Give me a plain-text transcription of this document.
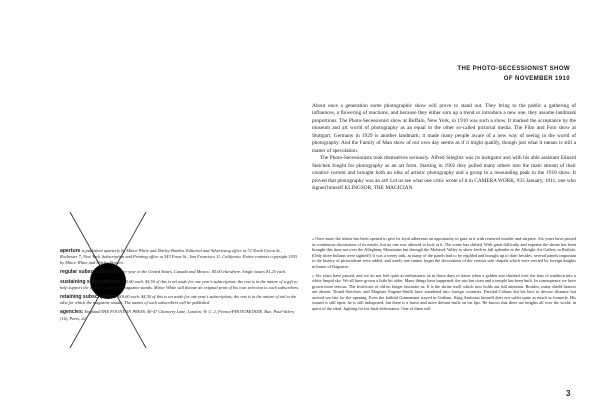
aperture is published quarterly by Minor White and Shirley Burden. Editorial and Advertising office at 72 North Union St., Rochester 7, New York. Subscription and Printing office at 343 Front St., San Francisco 11. California. Entire contents copyright 1955 by Minor White and Shirley Burden.

regular subscription $4.50 per year in the United States, Canada and Mexico. $5.00 elsewhere. Single issues $1.25 each.

sustaining subscriptions $25.00 each. $4.50 of this is set aside for one year's subscription; the rest is in the nature of a gift to help support the idea for which the magazine stands. Minor White will donate an original print of his own selection to such subscribers.

retaining subscriptions $10.00 each. $4.50 of this is set aside for one year's subscription; the rest is in the nature of aid to the idea for which the magazine stands. The names of such subscribers will be published.

agencies: England/THE FOUNTAIN PRESS, 46-47 Chancery Lane, London, W. C. 2, France/PHOTOMONDE, Rue, Paul-Valery (16), Paris, 22.

THE PHOTO-SECESSIONIST SHOW
OF NOVEMBER 1910

About once a generation some photographic show will prove to stand out. They bring to the public a gathering of influences, a flowering of reactions, and because they either sum up a trend or introduce a new one, they assume landmark proportions. The Photo-Secessionist show at Buffalo, New York, in 1910 was such a show. It marked the acceptance by the museum and art world of photography as an equal to the other so-called pictorial media. The Film and Foto show at Stuttgart, Germany in 1929 is another landmark; it made many people aware of a new way of seeing in the world of photography. And the Family of Man show of our own day seems as if it might qualify, though just what it means is still a matter of speculation.

The Photo-Secessionists took themselves seriously. Alfred Stieglitz was its instigator and with his able assistant Eduard Steichen fought for photography as an art form. Starting in 1902 they pulled many others into the main stream of their creative current and brought both an idea of artistic photography and a group to a resounding peak in the 1910 show. It proved that photography was an art! Let us see what one critic wrote of it in CAMERA WORK, #33 January, 1911, one who signed himself KLINGSOR, THE MAGICIAN.

» Once more the shrine has been opened to give its loyal adherents an opportunity to gaze at it with renewed wonder and surprise. Six years have passed in continuous discussions of its merits, but no one was allowed to look at it. The scene has shifted. With great difficulty and expense the shrine has been brought this time not over the Allegheny Mountains but through the Mohawk Valley to show forth in full splendor at the Albright Art Gallery in Buffalo. (Only three Indians were sighted!) It was a weary task, as many of the panels had to be regilded and brought up to date; besides, several panels important to the history of pictorialism were added, and surely one cannot forget the decorations of the various side chapels which were erected by foreign knights in honor of Daguerre.

» Six years have passed, and we do not feel quite as enthusiastic as in those days of dawn when a golden sun climbed over the bars of tradition into a white limpid sky. We all have grown a little bit older. Many things have happened; the sun has risen and a temple has been built. In consequence we have grown more serious. The festivities of old no longer fascinate us. It is the shrine itself which now holds our full attention. Besides, many shield bearers are absent. Titurel-Steichen, and Magister Eugene-Smith have wandered into foreign countries. Parsifal-Coburn did his best to devour distance but arrived too late for the opening. Even the faithful Gurnemanz stayed in Gotham. King Amfortas himself does not suffer quite as much as formerly. His wound is still open, he is still indisposed, but there is a brave and more defiant smile on his lips. He knows that there are knights all over the world, in quest of the ideal, fighting for his final deliverance. One of them will

3
